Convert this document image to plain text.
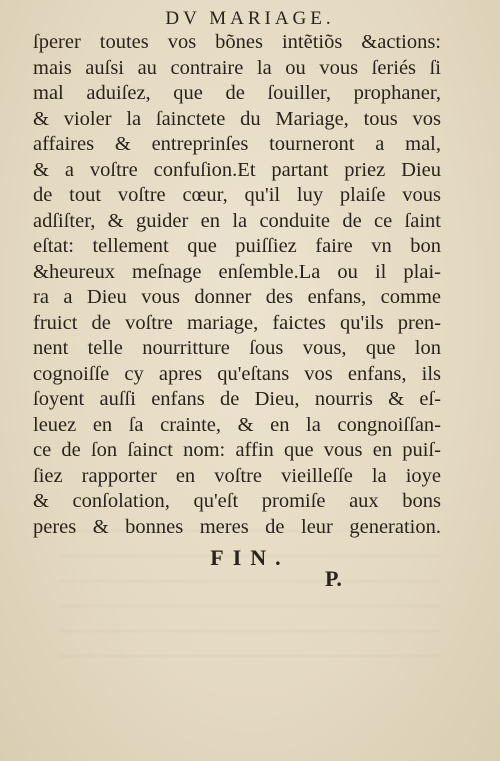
DV MARIAGE.
ſperer toutes vos bõnes intẽtiõs &actions:
mais auſsi au contraire la ou vous ſeriés ſi
mal aduiſez, que de ſouiller, prophaner,
& violer la ſainctete du Mariage, tous vos
affaires & entreprinſes tourneront a mal,
& a voſtre confuſion.Et partant priez Dieu
de tout voſtre cœur, qu'il luy plaiſe vous
adſiſter, & guider en la conduite de ce ſaint
eſtat: tellement que puiſſiez faire vn bon
&heureux meſnage enſemble.La ou il plai-
ra a Dieu vous donner des enfans, comme
fruict de voſtre mariage, faictes qu'ils pren-
nent telle nourritture ſous vous, que lon
cognoiſſe cy apres qu'eſtans vos enfans, ils
ſoyent auſſi enfans de Dieu, nourris & eſ-
leuez en ſa crainte, & en la congnoiſſan-
ce de ſon ſainct nom: affin que vous en puiſ-
ſiez rapporter en voſtre vieilleſſe la ioye
& conſolation, qu'eſt promiſe aux bons
peres & bonnes meres de leur generation.
FIN.
P.
